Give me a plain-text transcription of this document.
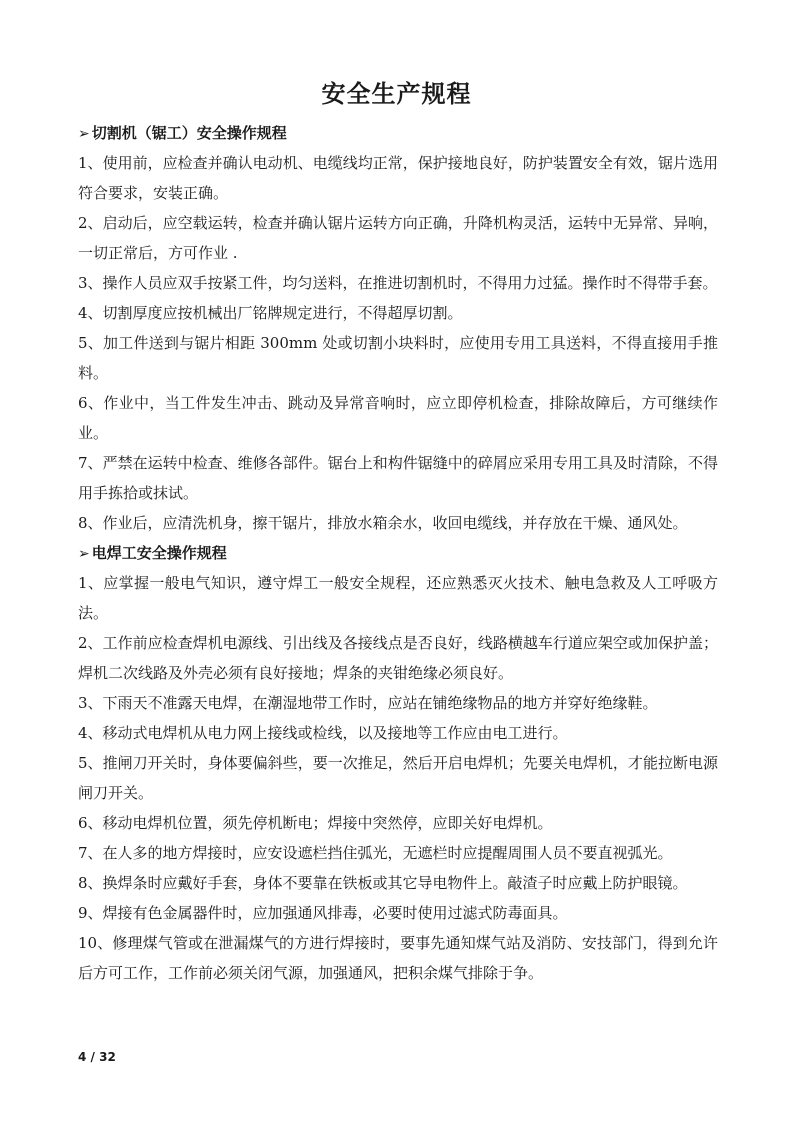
安全生产规程
➢ 切割机（锯工）安全操作规程
1、使用前，应检查并确认电动机、电缆线均正常，保护接地良好，防护装置安全有效，锯片选用符合要求，安装正确。
2、启动后，应空载运转，检查并确认锯片运转方向正确，升降机构灵活，运转中无异常、异响，一切正常后，方可作业 .
3、操作人员应双手按紧工件，均匀送料，在推进切割机时，不得用力过猛。操作时不得带手套。
4、切割厚度应按机械出厂铭牌规定进行，不得超厚切割。
5、加工件送到与锯片相距 300mm 处或切割小块料时，应使用专用工具送料，不得直接用手推料。
6、作业中，当工件发生冲击、跳动及异常音响时，应立即停机检查，排除故障后，方可继续作业。
7、严禁在运转中检查、维修各部件。锯台上和构件锯缝中的碎屑应采用专用工具及时清除，不得用手拣拾或抹试。
8、作业后，应清洗机身，擦干锯片，排放水箱余水，收回电缆线，并存放在干燥、通风处。
➢ 电焊工安全操作规程
1、应掌握一般电气知识，遵守焊工一般安全规程，还应熟悉灭火技术、触电急救及人工呼吸方法。
2、工作前应检查焊机电源线、引出线及各接线点是否良好，线路横越车行道应架空或加保护盖；焊机二次线路及外壳必须有良好接地；焊条的夹钳绝缘必须良好。
3、下雨天不准露天电焊，在潮湿地带工作时，应站在铺绝缘物品的地方并穿好绝缘鞋。
4、移动式电焊机从电力网上接线或检线，以及接地等工作应由电工进行。
5、推闸刀开关时，身体要偏斜些，要一次推足，然后开启电焊机；先要关电焊机，才能拉断电源闸刀开关。
6、移动电焊机位置，须先停机断电；焊接中突然停，应即关好电焊机。
7、在人多的地方焊接时，应安设遮栏挡住弧光，无遮栏时应提醒周围人员不要直视弧光。
8、换焊条时应戴好手套，身体不要靠在铁板或其它导电物件上。敲渣子时应戴上防护眼镜。
9、焊接有色金属器件时，应加强通风排毒，必要时使用过滤式防毒面具。
10、修理煤气管或在泄漏煤气的方进行焊接时，要事先通知煤气站及消防、安技部门，得到允许后方可工作，工作前必须关闭气源，加强通风，把积余煤气排除于争。
4 / 32
